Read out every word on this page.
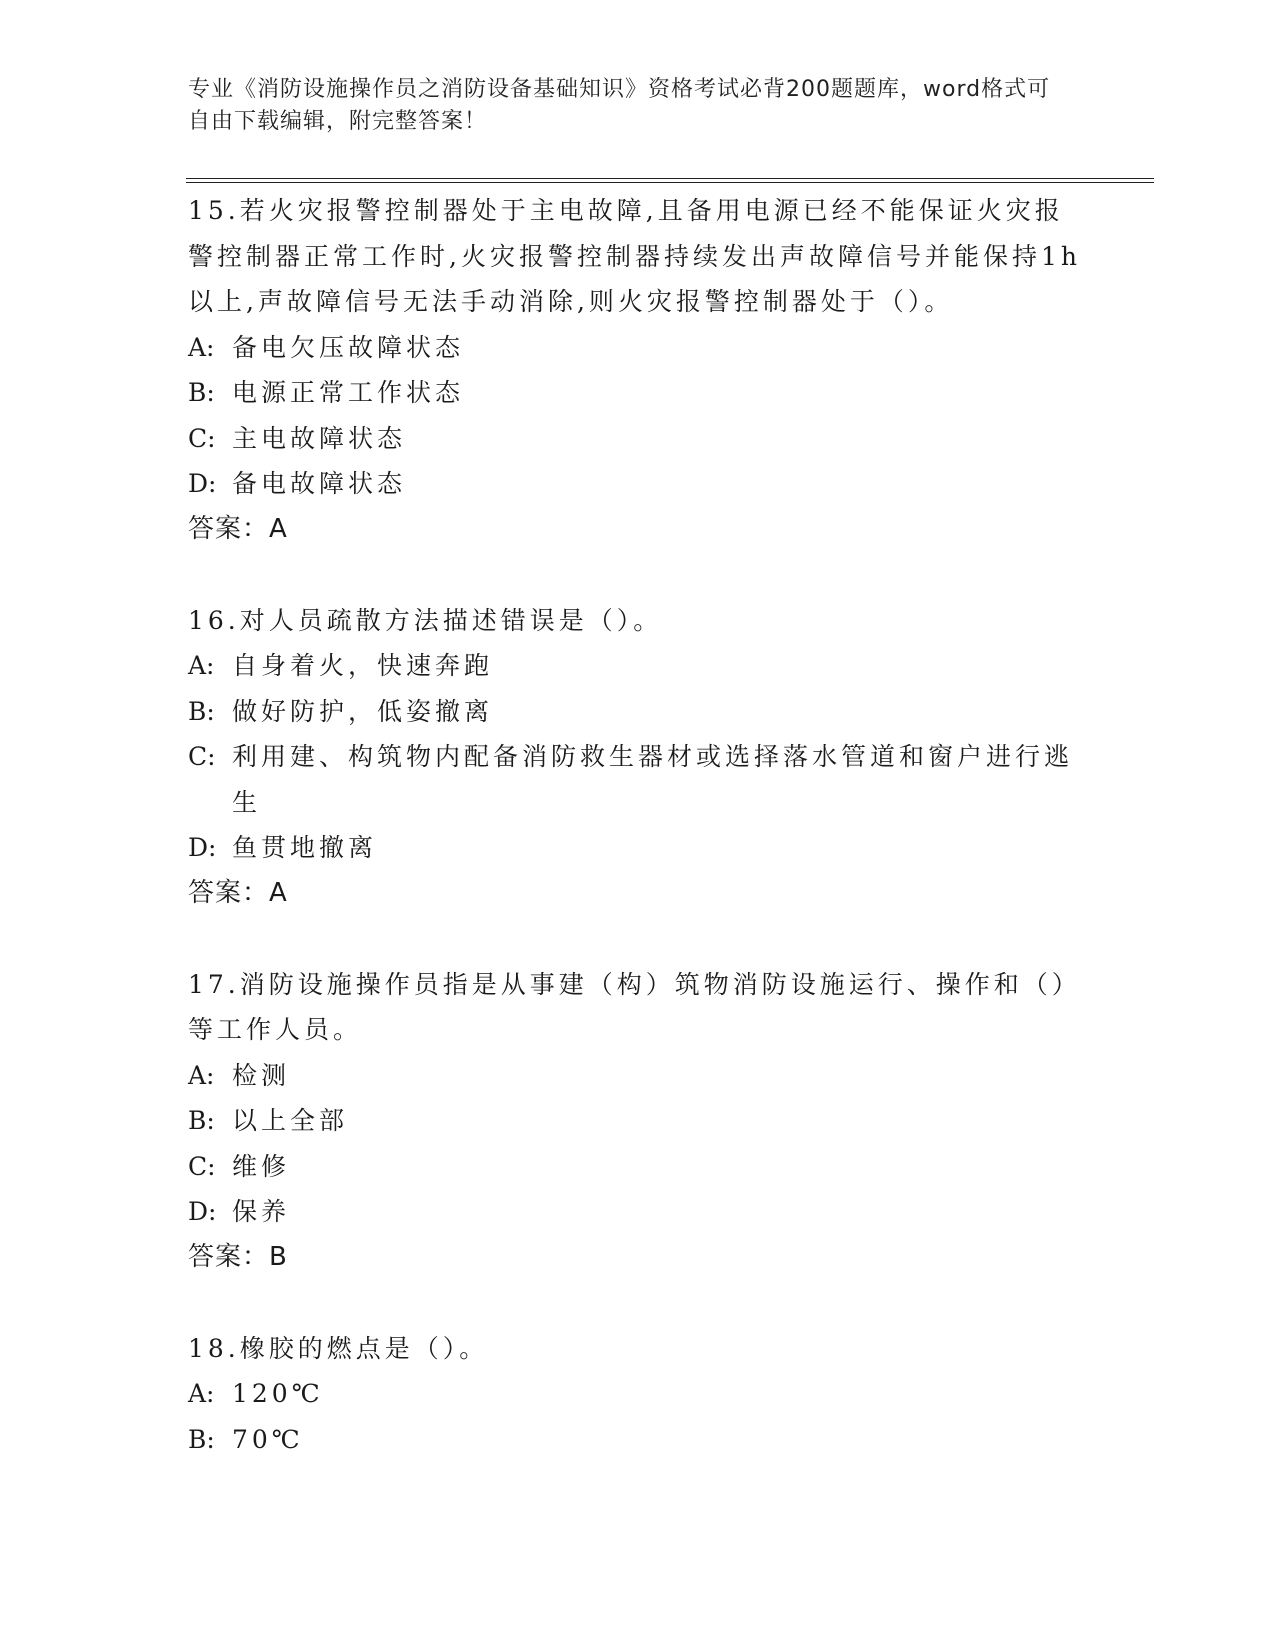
专业《消防设施操作员之消防设备基础知识》资格考试必背200题题库，word格式可自由下载编辑，附完整答案！
15.若火灾报警控制器处于主电故障,且备用电源已经不能保证火灾报警控制器正常工作时,火灾报警控制器持续发出声故障信号并能保持1h以上,声故障信号无法手动消除,则火灾报警控制器处于（）。
A: 备电欠压故障状态
B: 电源正常工作状态
C: 主电故障状态
D: 备电故障状态
答案：A
16.对人员疏散方法描述错误是（）。
A: 自身着火，快速奔跑
B: 做好防护，低姿撤离
C: 利用建、构筑物内配备消防救生器材或选择落水管道和窗户进行逃生
D: 鱼贯地撤离
答案：A
17.消防设施操作员指是从事建（构）筑物消防设施运行、操作和（）等工作人员。
A: 检测
B: 以上全部
C: 维修
D: 保养
答案：B
18.橡胶的燃点是（）。
A: 120℃
B: 70℃
